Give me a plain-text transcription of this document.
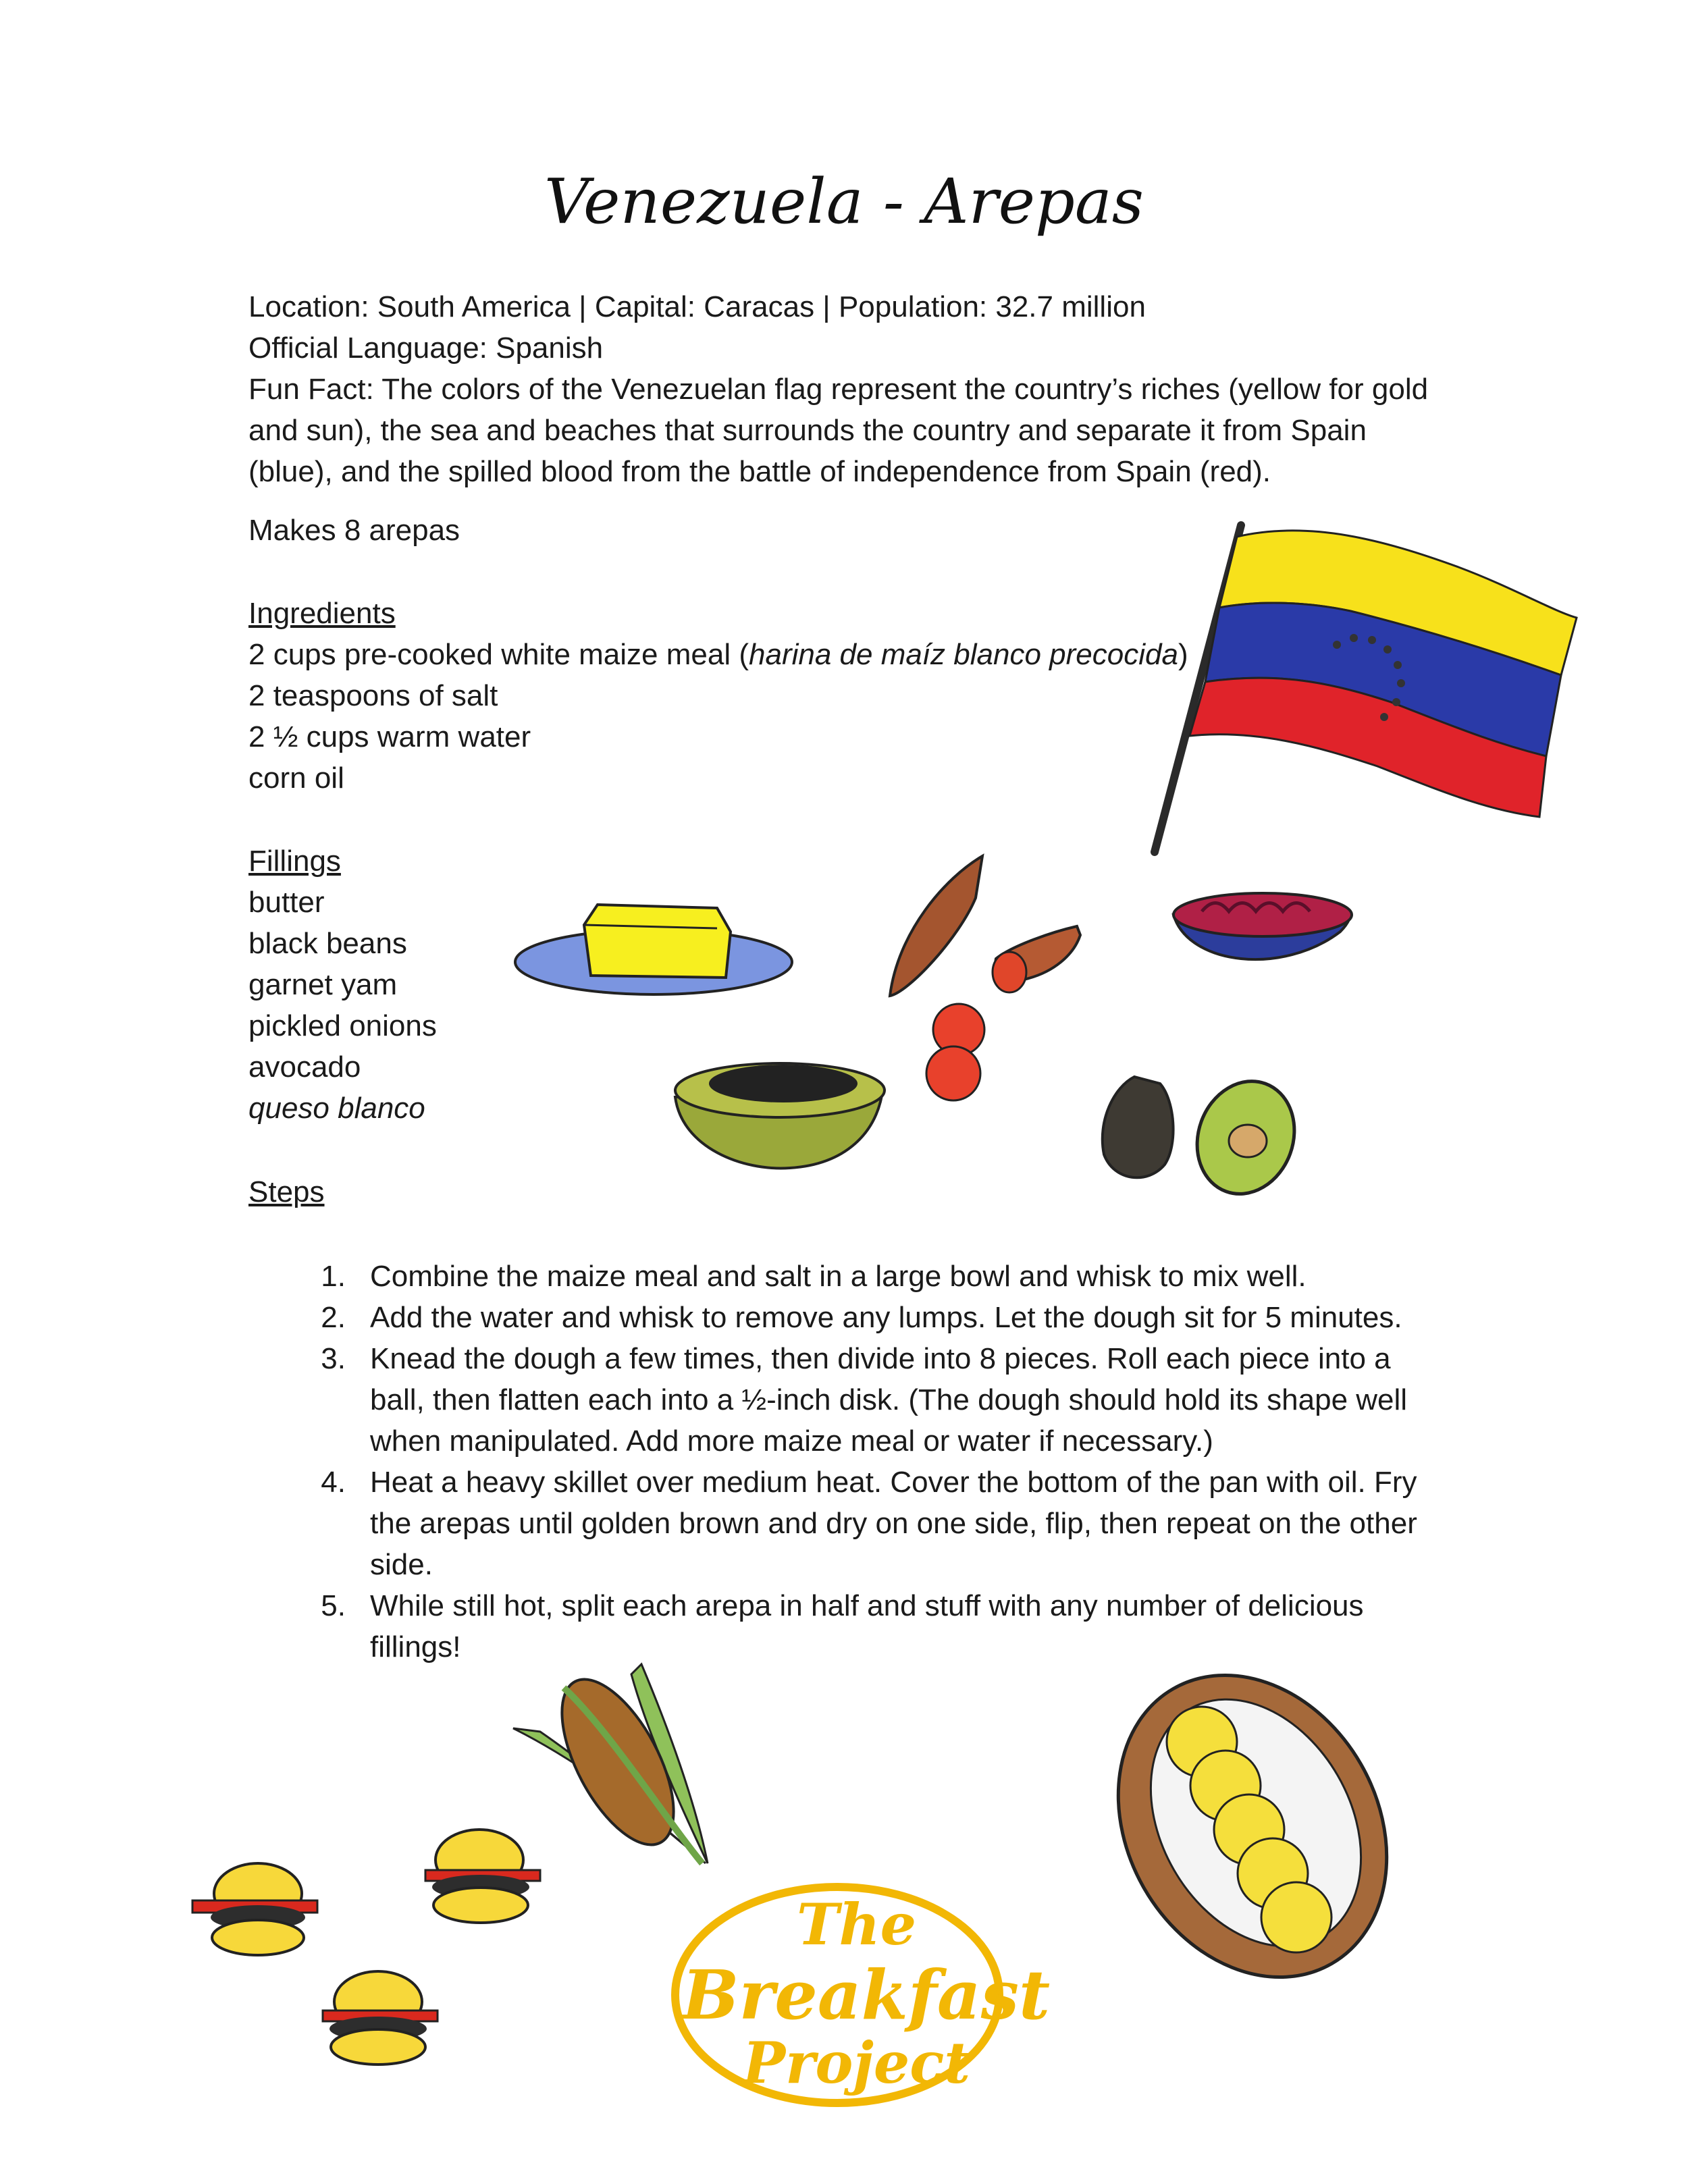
Venezuela - Arepas

Location: South America | Capital: Caracas | Population: 32.7 million

Official Language: Spanish

Fun Fact: The colors of the Venezuelan flag represent the country’s riches (yellow for gold and sun), the sea and beaches that surrounds the country and separate it from Spain (blue), and the spilled blood from the battle of independence from Spain (red).

Makes 8 arepas
Ingredients
2 cups pre-cooked white maize meal (harina de maíz blanco precocida)
2 teaspoons of salt
2 ½ cups warm water
corn oil
Fillings
butter
black beans
garnet yam
pickled onions
avocado
queso blanco
Steps
1. Combine the maize meal and salt in a large bowl and whisk to mix well.
2. Add the water and whisk to remove any lumps. Let the dough sit for 5 minutes.
3. Knead the dough a few times, then divide into 8 pieces. Roll each piece into a ball, then flatten each into a ½-inch disk. (The dough should hold its shape well when manipulated. Add more maize meal or water if necessary.)
4. Heat a heavy skillet over medium heat. Cover the bottom of the pan with oil. Fry the arepas until golden brown and dry on one side, flip, then repeat on the other side.
5. While still hot, split each arepa in half and stuff with any number of delicious fillings!
The
Breakfast
Project
